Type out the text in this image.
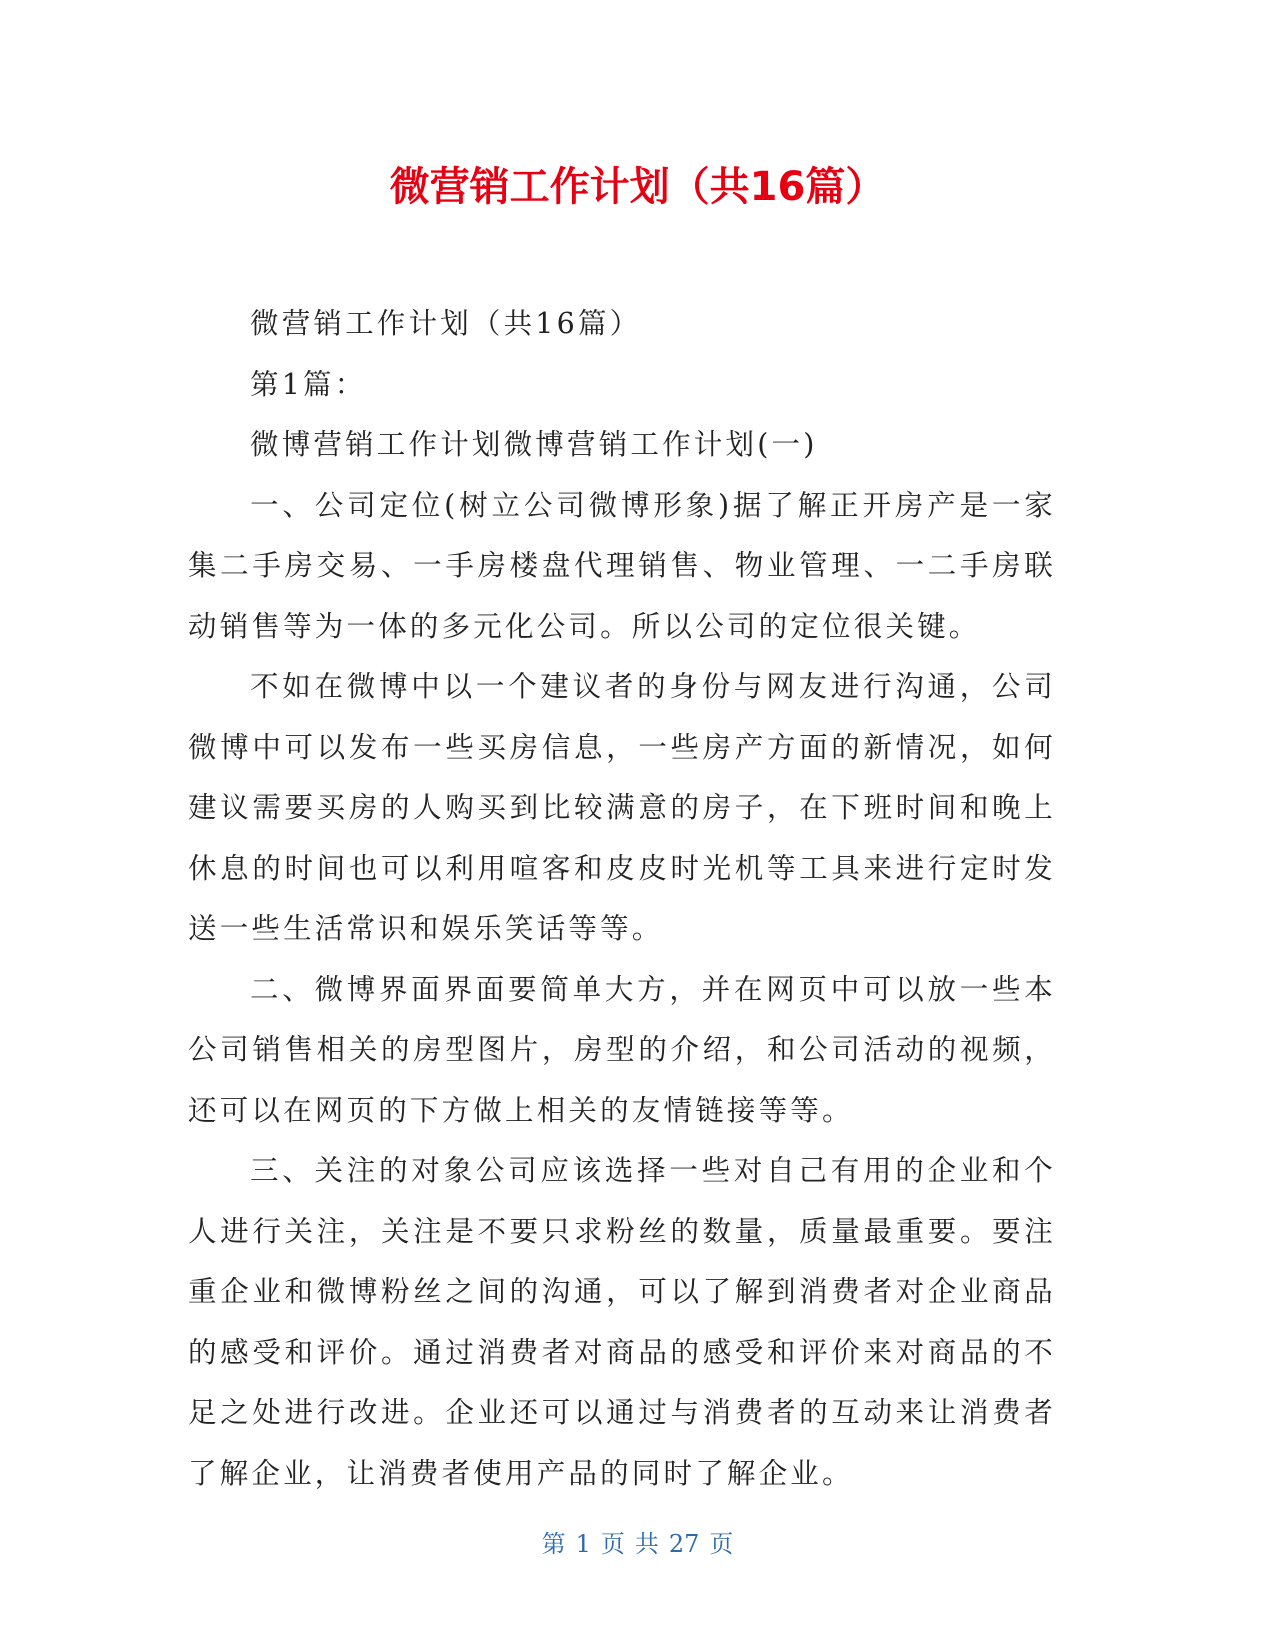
微营销工作计划（共16篇）

微营销工作计划（共16篇）

第1篇：

微博营销工作计划微博营销工作计划(一)

一、公司定位(树立公司微博形象)据了解正开房产是一家集二手房交易、一手房楼盘代理销售、物业管理、一二手房联动销售等为一体的多元化公司。所以公司的定位很关键。

不如在微博中以一个建议者的身份与网友进行沟通，公司微博中可以发布一些买房信息，一些房产方面的新情况，如何建议需要买房的人购买到比较满意的房子，在下班时间和晚上休息的时间也可以利用喧客和皮皮时光机等工具来进行定时发送一些生活常识和娱乐笑话等等。

二、微博界面界面要简单大方，并在网页中可以放一些本公司销售相关的房型图片，房型的介绍，和公司活动的视频，还可以在网页的下方做上相关的友情链接等等。

三、关注的对象公司应该选择一些对自己有用的企业和个人进行关注，关注是不要只求粉丝的数量，质量最重要。要注重企业和微博粉丝之间的沟通，可以了解到消费者对企业商品的感受和评价。通过消费者对商品的感受和评价来对商品的不足之处进行改进。企业还可以通过与消费者的互动来让消费者了解企业，让消费者使用产品的同时了解企业。

第 1 页 共 27 页
